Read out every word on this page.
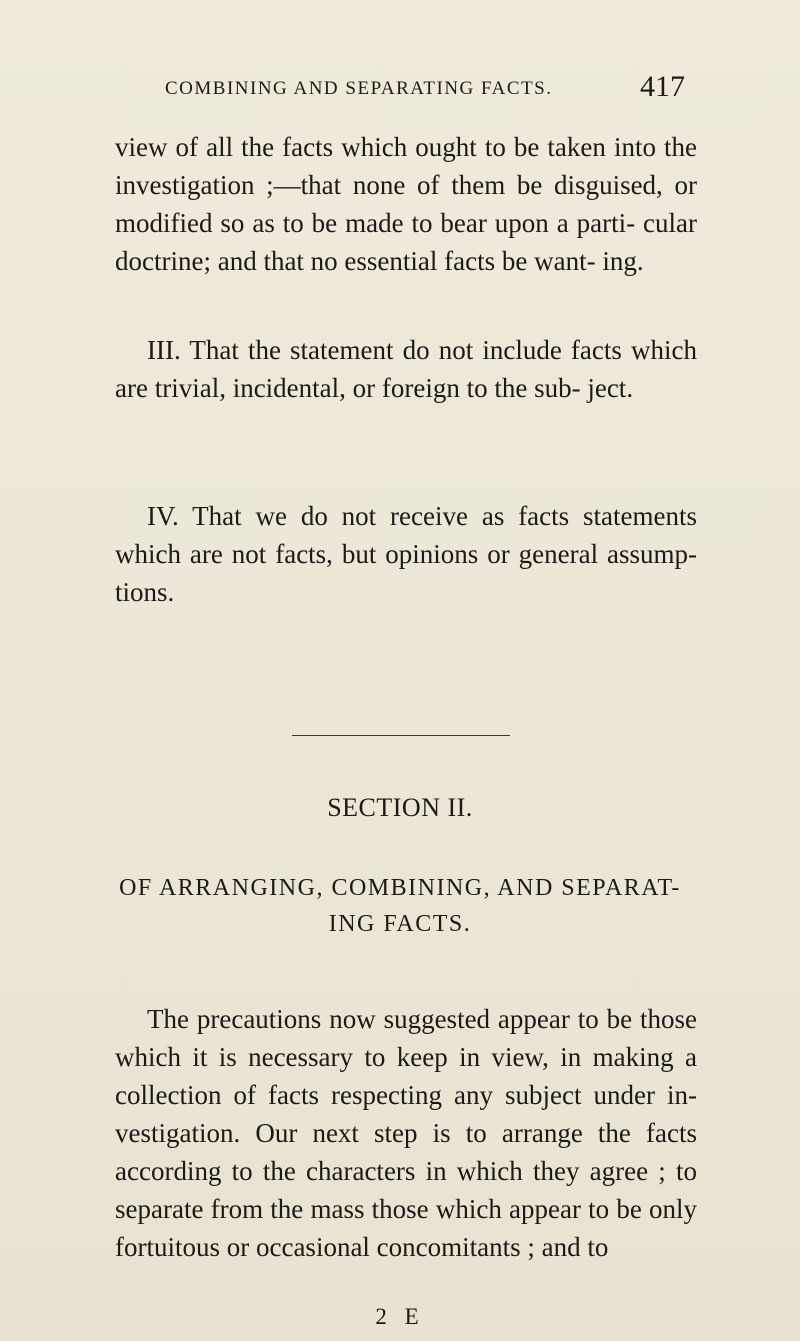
COMBINING AND SEPARATING FACTS.	417

view of all the facts which ought to be taken into the investigation ;—that none of them be disguised, or modified so as to be made to bear upon a parti- cular doctrine; and that no essential facts be want- ing.

III. That the statement do not include facts which are trivial, incidental, or foreign to the sub- ject.

IV. That we do not receive as facts statements which are not facts, but opinions or general assump- tions.

SECTION II.
OF ARRANGING, COMBINING, AND SEPARAT- ING FACTS.

The precautions now suggested appear to be those which it is necessary to keep in view, in making a collection of facts respecting any subject under in- vestigation. Our next step is to arrange the facts according to the characters in which they agree ; to separate from the mass those which appear to be only fortuitous or occasional concomitants ; and to

2 E
